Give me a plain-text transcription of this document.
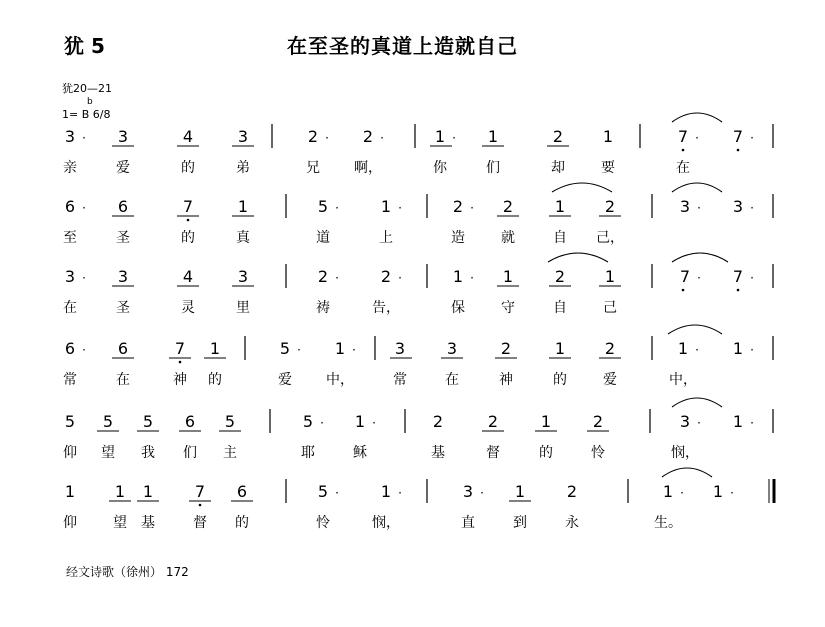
犹 5	在至圣的真道上造就自己
犹20—21
1= B 6/8
b
3 · 3	4	3	2 · 2 ·	1 · 1	2 1	7 · 7 ·
亲	爱	的	弟	兄 啊，	你	们	却	要	在
6 · 6	7	1	5 ·	1 ·	2 · 2	1 2	3 · 3 ·
至	圣	的	真	道	上	造	就	自 己，
3 · 3	4	3	2 ·	2 ·	1 · 1	2 1	7 · 7 ·
在	圣	灵	里	祷	告，	保	守	自	己
6 · 6	7 1	5 · 1 · 3	3	2	1 2	1 · 1 ·
常	在	神 的	爱 中，	常	在	神	的	爱	中，
5 5 5 6 5	5 · 1 ·	2	2	1	2	3 · 1 ·
仰 望 我 们 主	耶	稣	基	督	的	怜	悯，
1 1 1	7 6	5 ·	1 ·	3 · 1	2	1 · 1 ·
仰	望 基	督 的	怜	悯，	直	到	永	生。
经文诗歌（徐州） 172
